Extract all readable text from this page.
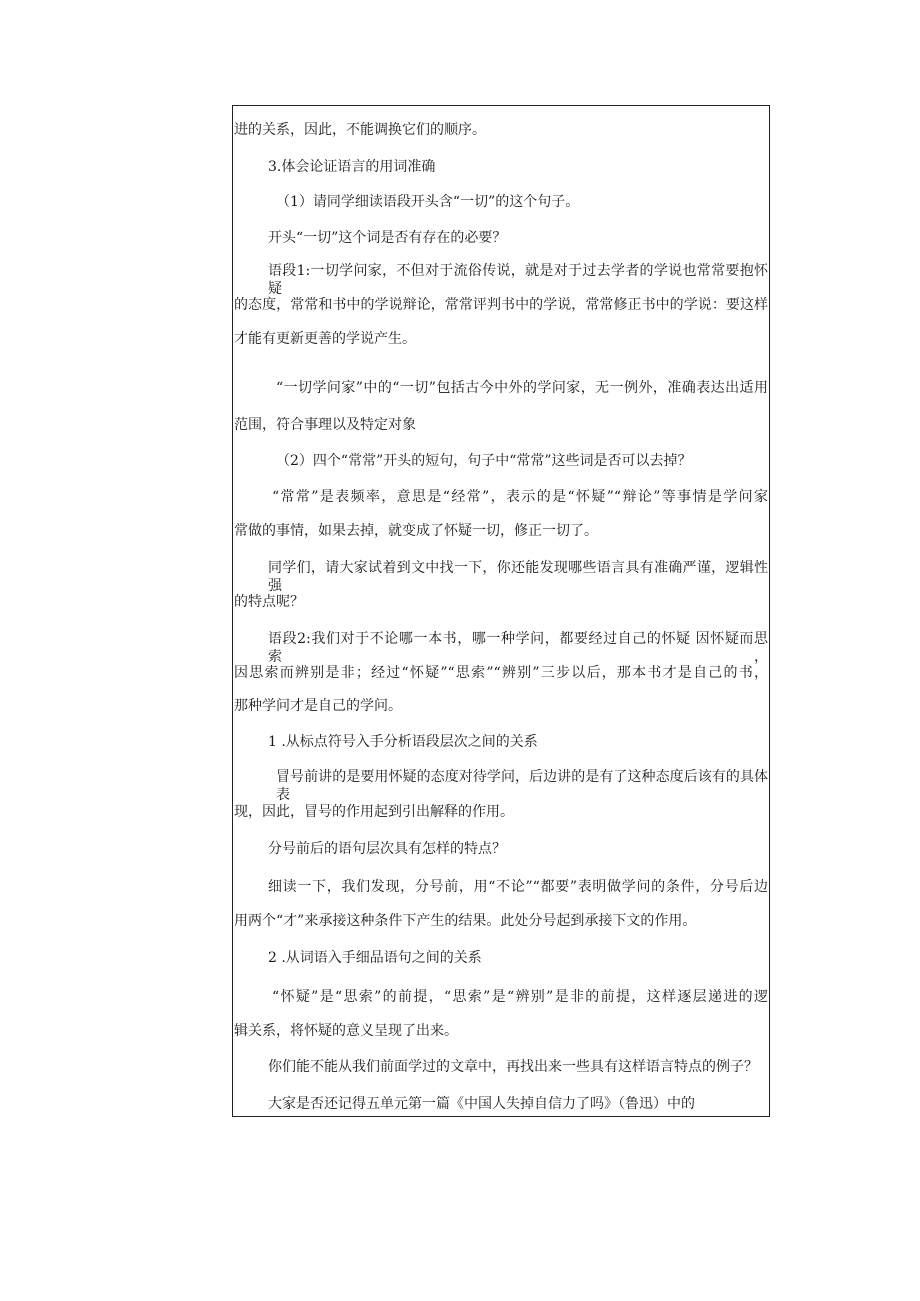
进的关系，因此，不能调换它们的顺序。
3.体会论证语言的用词准确
（1）请同学细读语段开头含“一切”的这个句子。
开头“一切”这个词是否有存在的必要？
语段1:一切学问家，不但对于流俗传说，就是对于过去学者的学说也常常要抱怀疑
的态度，常常和书中的学说辩论，常常评判书中的学说，常常修正书中的学说：要这样
才能有更新更善的学说产生。
“一切学问家”中的“一切”包括古今中外的学问家，无一例外，准确表达出适用
范围，符合事理以及特定对象
（2）四个“常常”开头的短句，句子中“常常”这些词是否可以去掉？
“常常”是表频率，意思是“经常”，表示的是“怀疑”“辩论”等事情是学问家
常做的事情，如果去掉，就变成了怀疑一切，修正一切了。
同学们，请大家试着到文中找一下，你还能发现哪些语言具有准确严谨，逻辑性强
的特点呢？
语段2:我们对于不论哪一本书，哪一种学问，都要经过自己的怀疑 因怀疑而思索，
因思索而辨别是非；经过“怀疑”“思索”“辨别”三步以后，那本书才是自己的书，
那种学问才是自己的学问。
1 .从标点符号入手分析语段层次之间的关系
冒号前讲的是要用怀疑的态度对待学问，后边讲的是有了这种态度后该有的具体表
现，因此，冒号的作用起到引出解释的作用。
分号前后的语句层次具有怎样的特点？
细读一下，我们发现，分号前，用“不论”“都要”表明做学问的条件，分号后边
用两个“才”来承接这种条件下产生的结果。此处分号起到承接下文的作用。
2 .从词语入手细品语句之间的关系
“怀疑”是“思索”的前提，“思索”是“辨别”是非的前提，这样逐层递进的逻
辑关系，将怀疑的意义呈现了出来。
你们能不能从我们前面学过的文章中，再找出来一些具有这样语言特点的例子？
大家是否还记得五单元第一篇《中国人失掉自信力了吗》（鲁迅）中的
